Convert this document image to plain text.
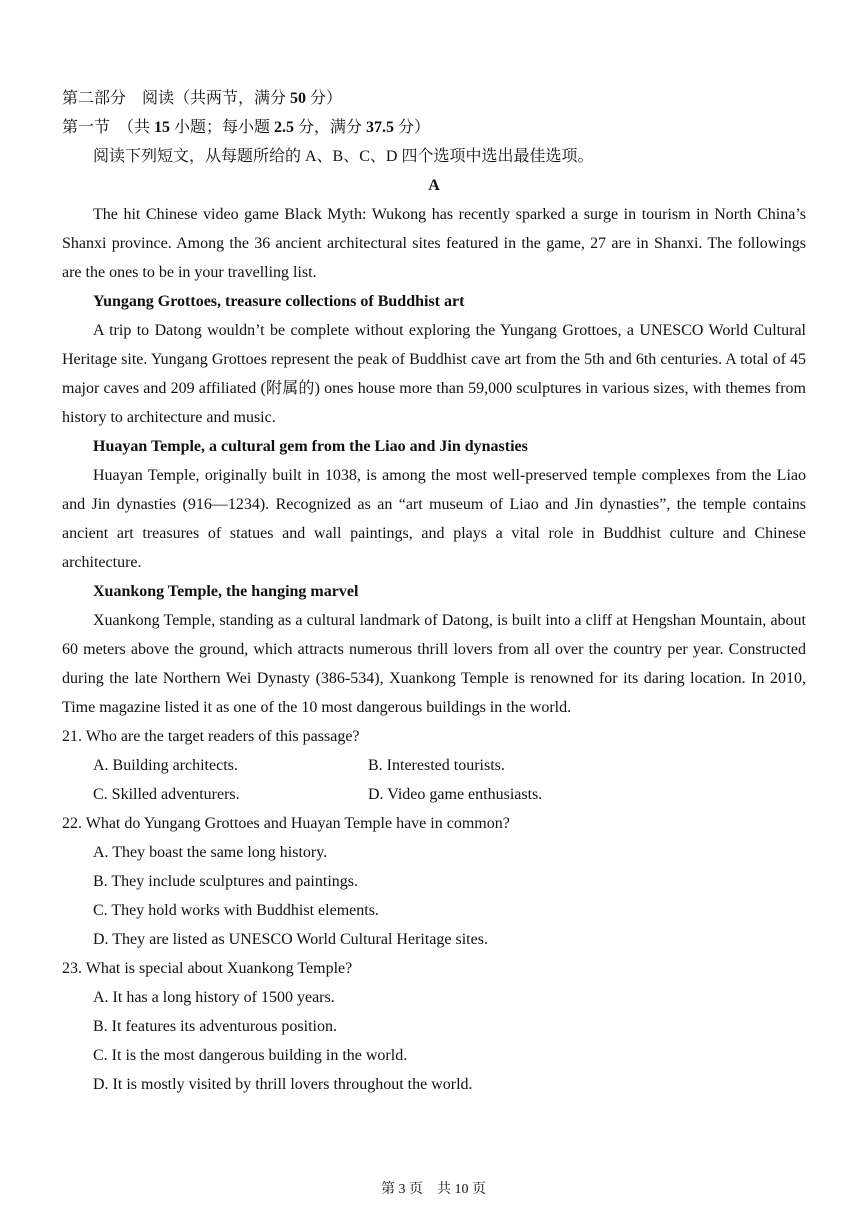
第二部分　阅读（共两节，满分 50 分）
第一节　（共 15 小题；每小题 2.5 分，满分 37.5 分）
阅读下列短文，从每题所给的 A、B、C、D 四个选项中选出最佳选项。
A

The hit Chinese video game Black Myth: Wukong has recently sparked a surge in tourism in North China’s Shanxi province. Among the 36 ancient architectural sites featured in the game, 27 are in Shanxi. The followings are the ones to be in your travelling list.

Yungang Grottoes, treasure collections of Buddhist art

A trip to Datong wouldn’t be complete without exploring the Yungang Grottoes, a UNESCO World Cultural Heritage site. Yungang Grottoes represent the peak of Buddhist cave art from the 5th and 6th centuries. A total of 45 major caves and 209 affiliated (附属的) ones house more than 59,000 sculptures in various sizes, with themes from history to architecture and music.

Huayan Temple, a cultural gem from the Liao and Jin dynasties

Huayan Temple, originally built in 1038, is among the most well-preserved temple complexes from the Liao and Jin dynasties (916—1234). Recognized as an “art museum of Liao and Jin dynasties”, the temple contains ancient art treasures of statues and wall paintings, and plays a vital role in Buddhist culture and Chinese architecture.

Xuankong Temple, the hanging marvel

Xuankong Temple, standing as a cultural landmark of Datong, is built into a cliff at Hengshan Mountain, about 60 meters above the ground, which attracts numerous thrill lovers from all over the country per year. Constructed during the late Northern Wei Dynasty (386-534), Xuankong Temple is renowned for its daring location. In 2010, Time magazine listed it as one of the 10 most dangerous buildings in the world.

21. Who are the target readers of this passage?
A. Building architects.	B. Interested tourists.
C. Skilled adventurers.	D. Video game enthusiasts.
22. What do Yungang Grottoes and Huayan Temple have in common?
A. They boast the same long history.
B. They include sculptures and paintings.
C. They hold works with Buddhist elements.
D. They are listed as UNESCO World Cultural Heritage sites.
23. What is special about Xuankong Temple?
A. It has a long history of 1500 years.
B. It features its adventurous position.
C. It is the most dangerous building in the world.
D. It is mostly visited by thrill lovers throughout the world.
第 3 页　共 10 页
